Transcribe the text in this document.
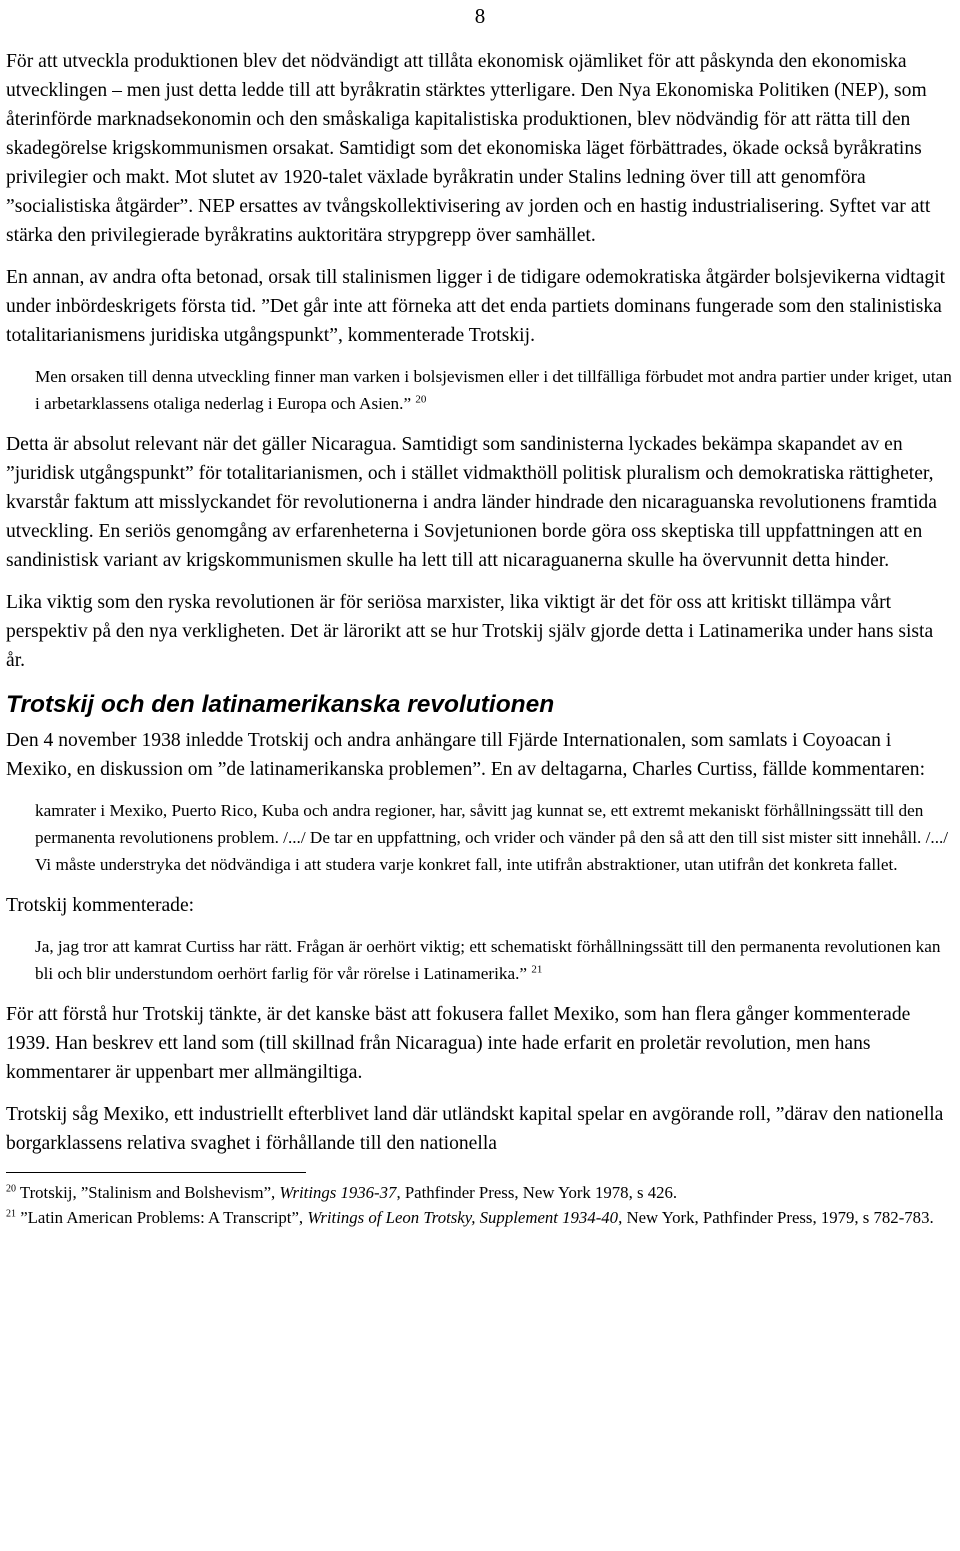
8

För att utveckla produktionen blev det nödvändigt att tillåta ekonomisk ojämliket för att påskynda den ekonomiska utvecklingen – men just detta ledde till att byråkratin stärktes ytterligare. Den Nya Ekonomiska Politiken (NEP), som återinförde marknadsekonomin och den småskaliga kapitalistiska produktionen, blev nödvändig för att rätta till den skadegörelse krigskommunismen orsakat. Samtidigt som det ekonomiska läget förbättrades, ökade också byråkratins privilegier och makt. Mot slutet av 1920-talet växlade byråkratin under Stalins ledning över till att genomföra ”socialistiska åtgärder”. NEP ersattes av tvångskollektivisering av jorden och en hastig industrialisering. Syftet var att stärka den privilegierade byråkratins auktoritära strypgrepp över samhället.

En annan, av andra ofta betonad, orsak till stalinismen ligger i de tidigare odemokratiska åtgärder bolsjevikerna vidtagit under inbördeskrigets första tid. ”Det går inte att förneka att det enda partiets dominans fungerade som den stalinistiska totalitarianismens juridiska utgångspunkt”, kommenterade Trotskij.

Men orsaken till denna utveckling finner man varken i bolsjevismen eller i det tillfälliga förbudet mot andra partier under kriget, utan i arbetarklassens otaliga nederlag i Europa och Asien.” $^{20}$

Detta är absolut relevant när det gäller Nicaragua. Samtidigt som sandinisterna lyckades bekämpa skapandet av en ”juridisk utgångspunkt” för totalitarianismen, och i stället vidmakthöll politisk pluralism och demokratiska rättigheter, kvarstår faktum att misslyckandet för revolutionerna i andra länder hindrade den nicaraguanska revolutionens framtida utveckling. En seriös genomgång av erfarenheterna i Sovjetunionen borde göra oss skeptiska till uppfattningen att en sandinistisk variant av krigskommunismen skulle ha lett till att nicaraguanerna skulle ha övervunnit detta hinder.

Lika viktig som den ryska revolutionen är för seriösa marxister, lika viktigt är det för oss att kritiskt tillämpa vårt perspektiv på den nya verkligheten. Det är lärorikt att se hur Trotskij själv gjorde detta i Latinamerika under hans sista år.

Trotskij och den latinamerikanska revolutionen

Den 4 november 1938 inledde Trotskij och andra anhängare till Fjärde Internationalen, som samlats i Coyoacan i Mexiko, en diskussion om ”de latinamerikanska problemen”. En av deltagarna, Charles Curtiss, fällde kommentaren:

kamrater i Mexiko, Puerto Rico, Kuba och andra regioner, har, såvitt jag kunnat se, ett extremt mekaniskt förhållningssätt till den permanenta revolutionens problem. /.../ De tar en uppfattning, och vrider och vänder på den så att den till sist mister sitt innehåll. /.../ Vi måste understryka det nödvändiga i att studera varje konkret fall, inte utifrån abstraktioner, utan utifrån det konkreta fallet.

Trotskij kommenterade:

Ja, jag tror att kamrat Curtiss har rätt. Frågan är oerhört viktig; ett schematiskt förhållningssätt till den permanenta revolutionen kan bli och blir understundom oerhört farlig för vår rörelse i Latinamerika.” $^{21}$

För att förstå hur Trotskij tänkte, är det kanske bäst att fokusera fallet Mexiko, som han flera gånger kommenterade 1939. Han beskrev ett land som (till skillnad från Nicaragua) inte hade erfarit en proletär revolution, men hans kommentarer är uppenbart mer allmängiltiga.

Trotskij såg Mexiko, ett industriellt efterblivet land där utländskt kapital spelar en avgörande roll, ”därav den nationella borgarklassens relativa svaghet i förhållande till den nationella

$^{20}$ Trotskij, ”Stalinism and Bolshevism”, Writings 1936-37, Pathfinder Press, New York 1978, s 426.

$^{21}$ ”Latin American Problems: A Transcript”, Writings of Leon Trotsky, Supplement 1934-40, New York, Pathfinder Press, 1979, s 782-783.
